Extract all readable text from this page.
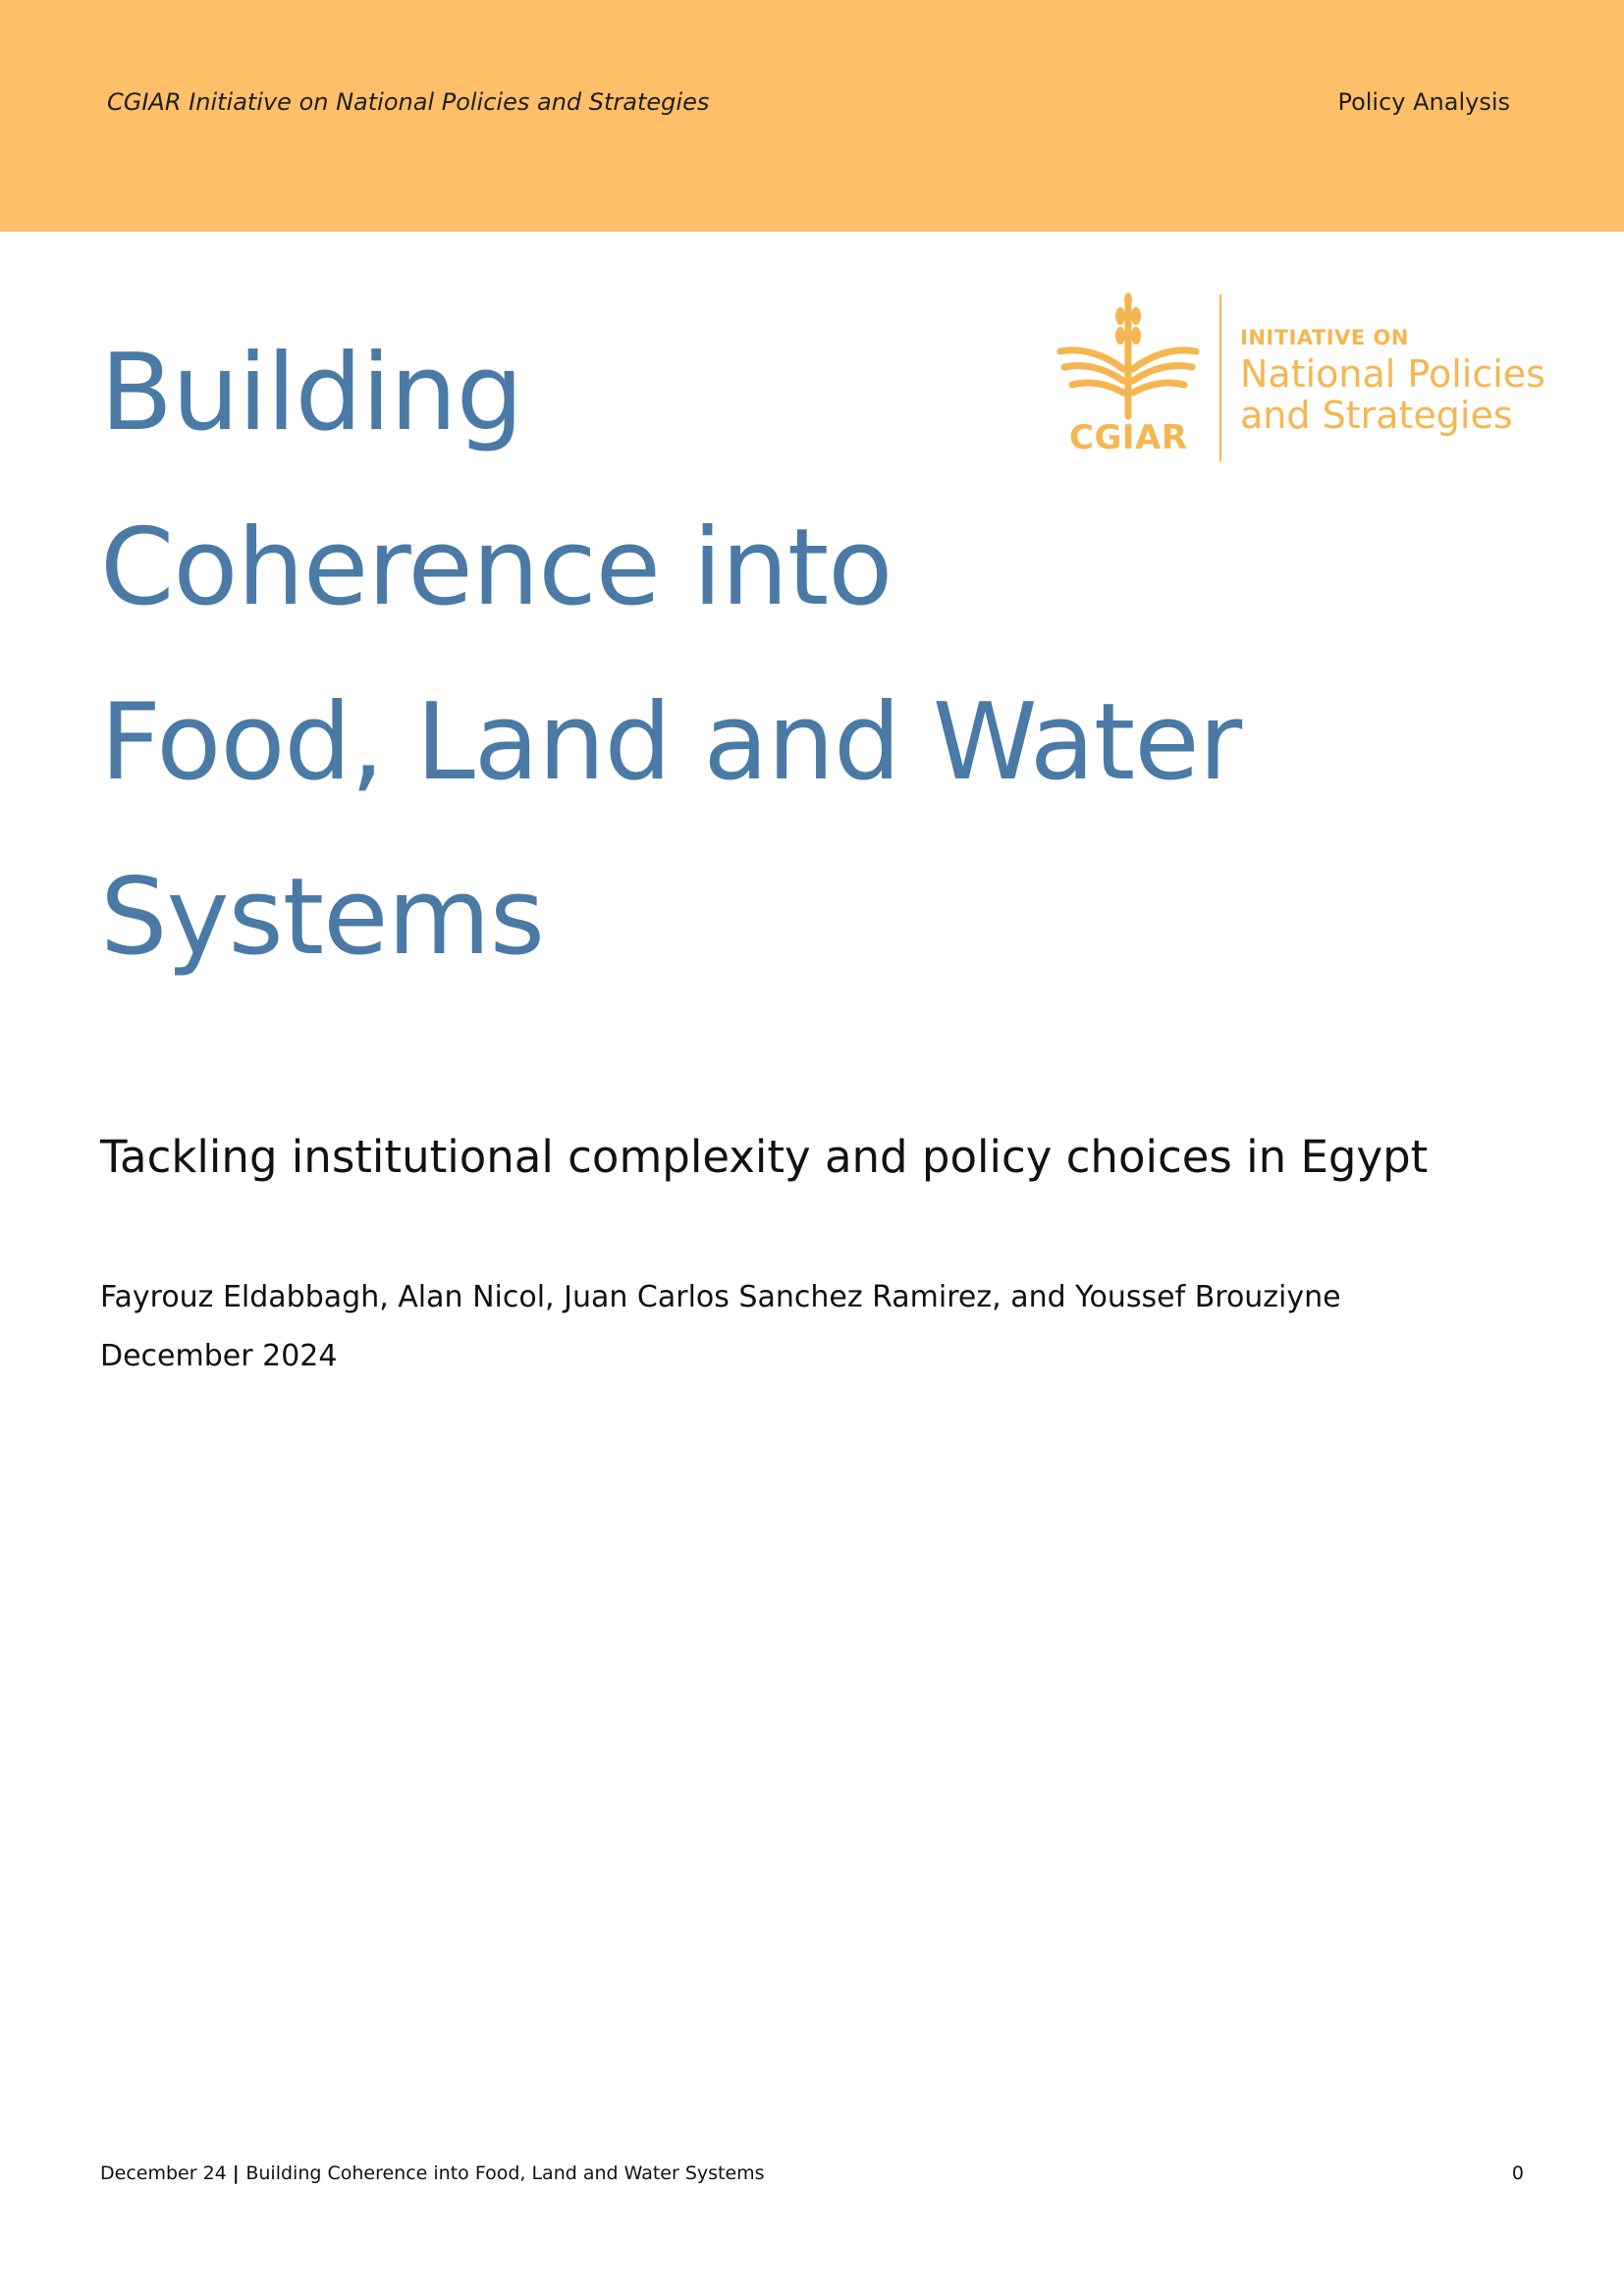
CGIAR Initiative on National Policies and Strategies	Policy Analysis
Building
Coherence into
Food, Land and Water
Systems
CGIAR
INITIATIVE ON
National Policies
and Strategies
Tackling institutional complexity and policy choices in Egypt
Fayrouz Eldabbagh, Alan Nicol, Juan Carlos Sanchez Ramirez, and Youssef Brouziyne
December 2024
December 24 | Building Coherence into Food, Land and Water Systems	0
